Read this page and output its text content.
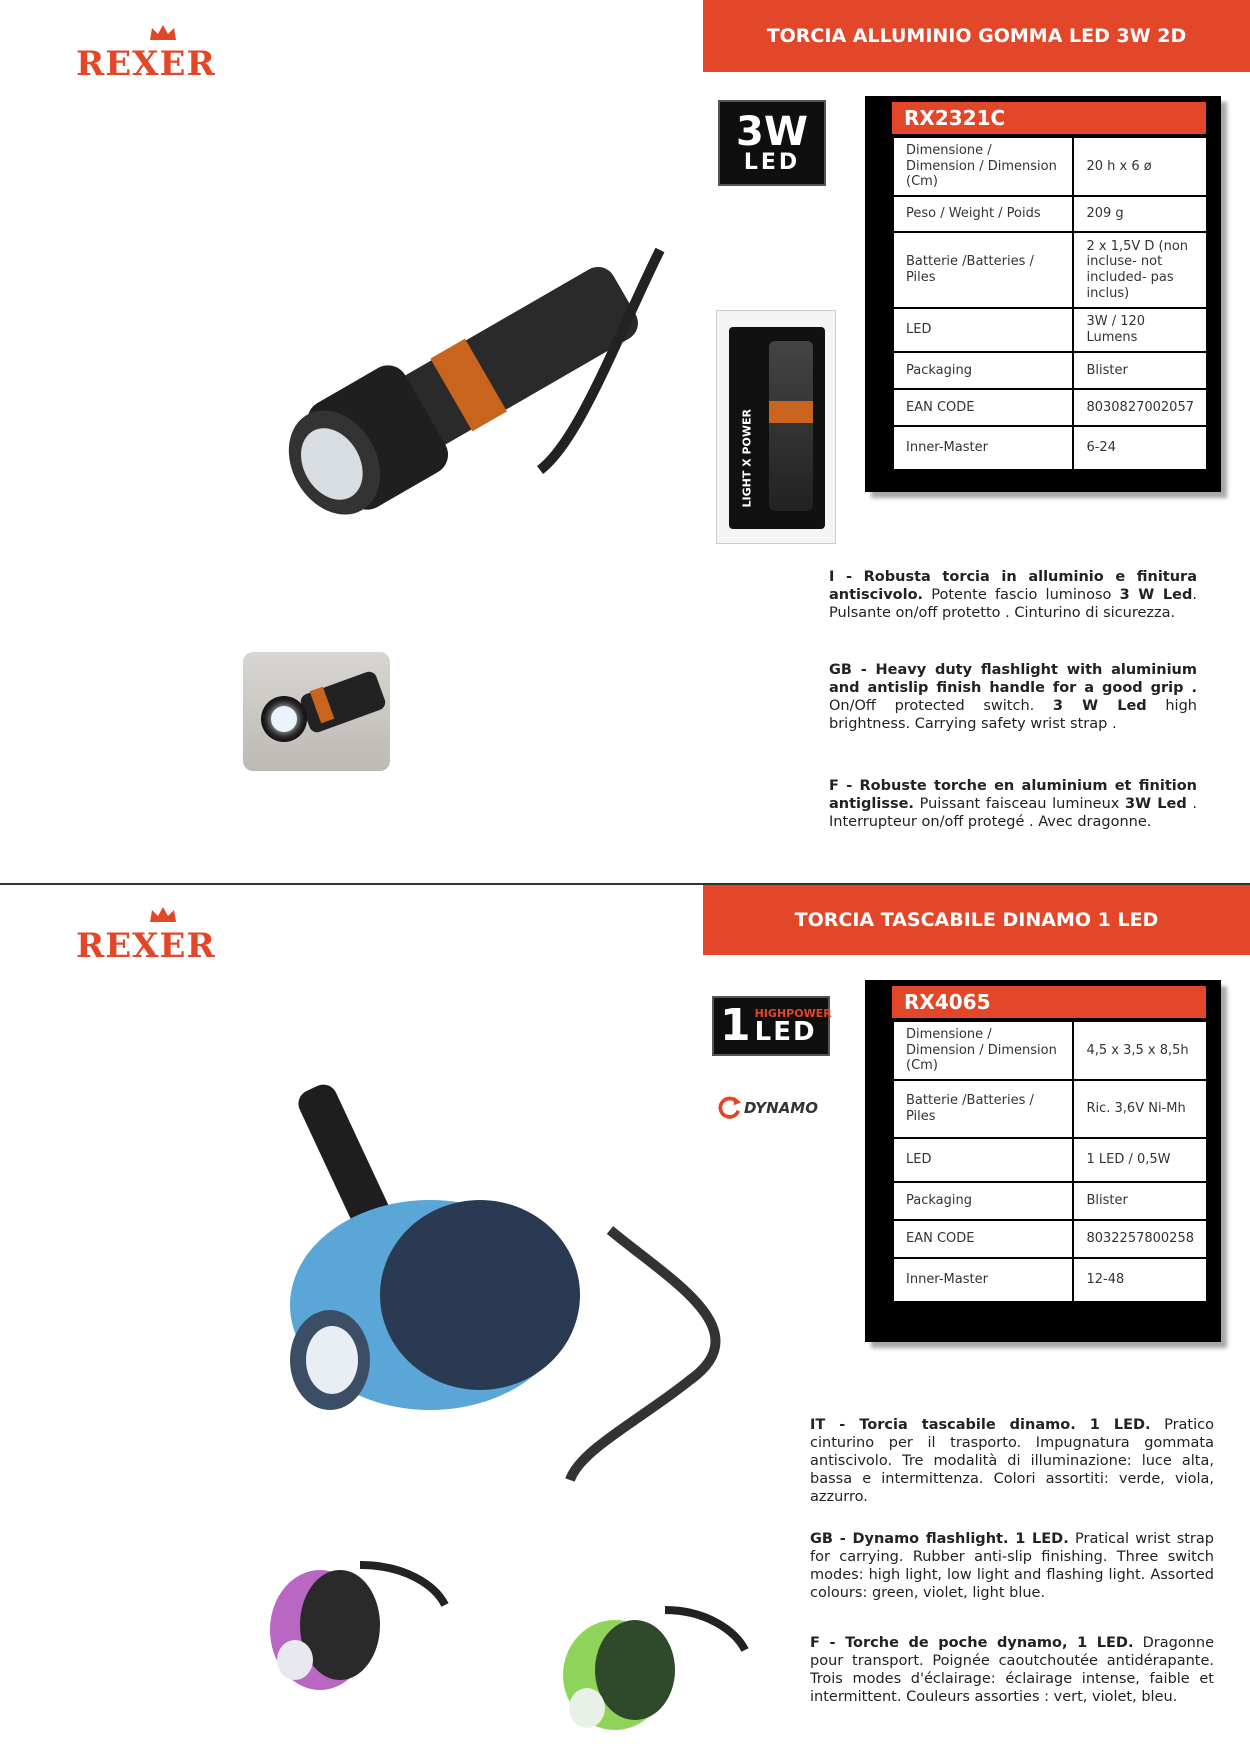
REXER
TORCIA ALLUMINIO GOMMA LED 3W 2D
3W
LED
LIGHT X POWER
RX2321C
Dimensione / Dimension / Dimension (Cm)	20 h x 6 ø
Peso / Weight / Poids	209 g
Batterie /Batteries / Piles	2 x 1,5V D (non incluse- not included- pas inclus)
LED	3W / 120 Lumens
Packaging	Blister
EAN CODE	8030827002057
Inner-Master	6-24
I - Robusta torcia in alluminio e finitura antiscivolo. Potente fascio luminoso 3 W Led. Pulsante on/off protetto . Cinturino di sicurezza.
GB - Heavy duty flashlight with aluminium and antislip finish handle for a good grip . On/Off protected switch. 3 W Led high brightness. Carrying safety wrist strap .
F - Robuste torche en aluminium et finition antiglisse. Puissant faisceau lumineux 3W Led . Interrupteur on/off protegé . Avec dragonne.
REXER
TORCIA TASCABILE DINAMO 1 LED
1 HIGHPOWER
LED
DYNAMO
RX4065
Dimensione / Dimension / Dimension (Cm)	4,5 x 3,5 x 8,5h
Batterie /Batteries / Piles	Ric. 3,6V Ni-Mh
LED	1 LED / 0,5W
Packaging	Blister
EAN CODE	8032257800258
Inner-Master	12-48
IT - Torcia tascabile dinamo. 1 LED. Pratico cinturino per il trasporto. Impugnatura gommata antiscivolo. Tre modalità di illuminazione: luce alta, bassa e intermittenza. Colori assortiti: verde, viola, azzurro.
GB - Dynamo flashlight. 1 LED. Pratical wrist strap for carrying. Rubber anti-slip finishing. Three switch modes: high light, low light and flashing light. Assorted colours: green, violet, light blue.
F - Torche de poche dynamo, 1 LED. Dragonne pour transport. Poignée caoutchoutée antidérapante. Trois modes d'éclairage: éclairage intense, faible et intermittent. Couleurs assorties : vert, violet, bleu.
